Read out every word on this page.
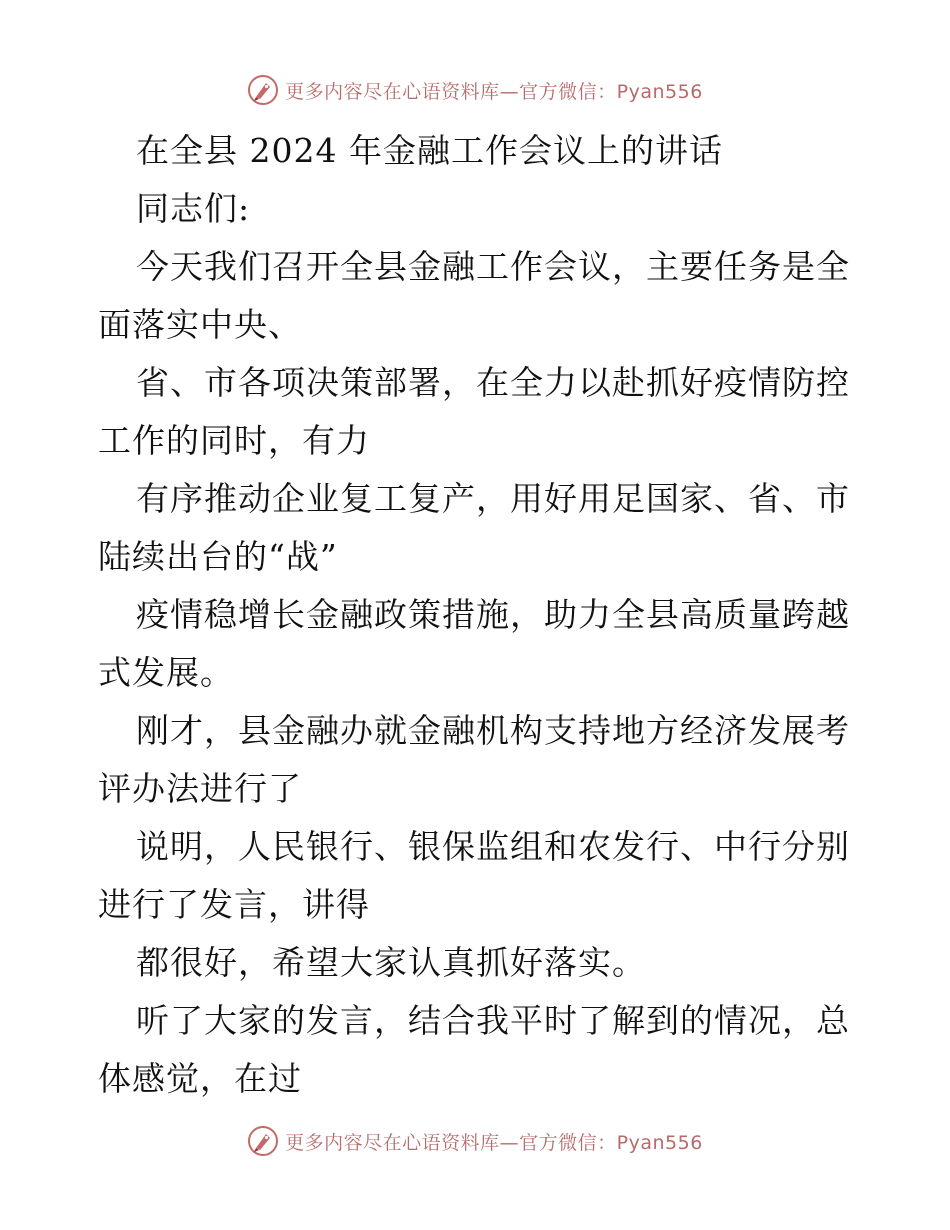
更多内容尽在心语资料库—官方微信：Pyan556
在全县 2024 年金融工作会议上的讲话
同志们:
今天我们召开全县金融工作会议，主要任务是全
面落实中央、
省、市各项决策部署，在全力以赴抓好疫情防控
工作的同时，有力
有序推动企业复工复产，用好用足国家、省、市
陆续出台的“战”
疫情稳增长金融政策措施，助力全县高质量跨越
式发展。
刚才，县金融办就金融机构支持地方经济发展考
评办法进行了
说明，人民银行、银保监组和农发行、中行分别
进行了发言，讲得
都很好，希望大家认真抓好落实。
听了大家的发言，结合我平时了解到的情况，总
体感觉，在过
更多内容尽在心语资料库—官方微信：Pyan556
